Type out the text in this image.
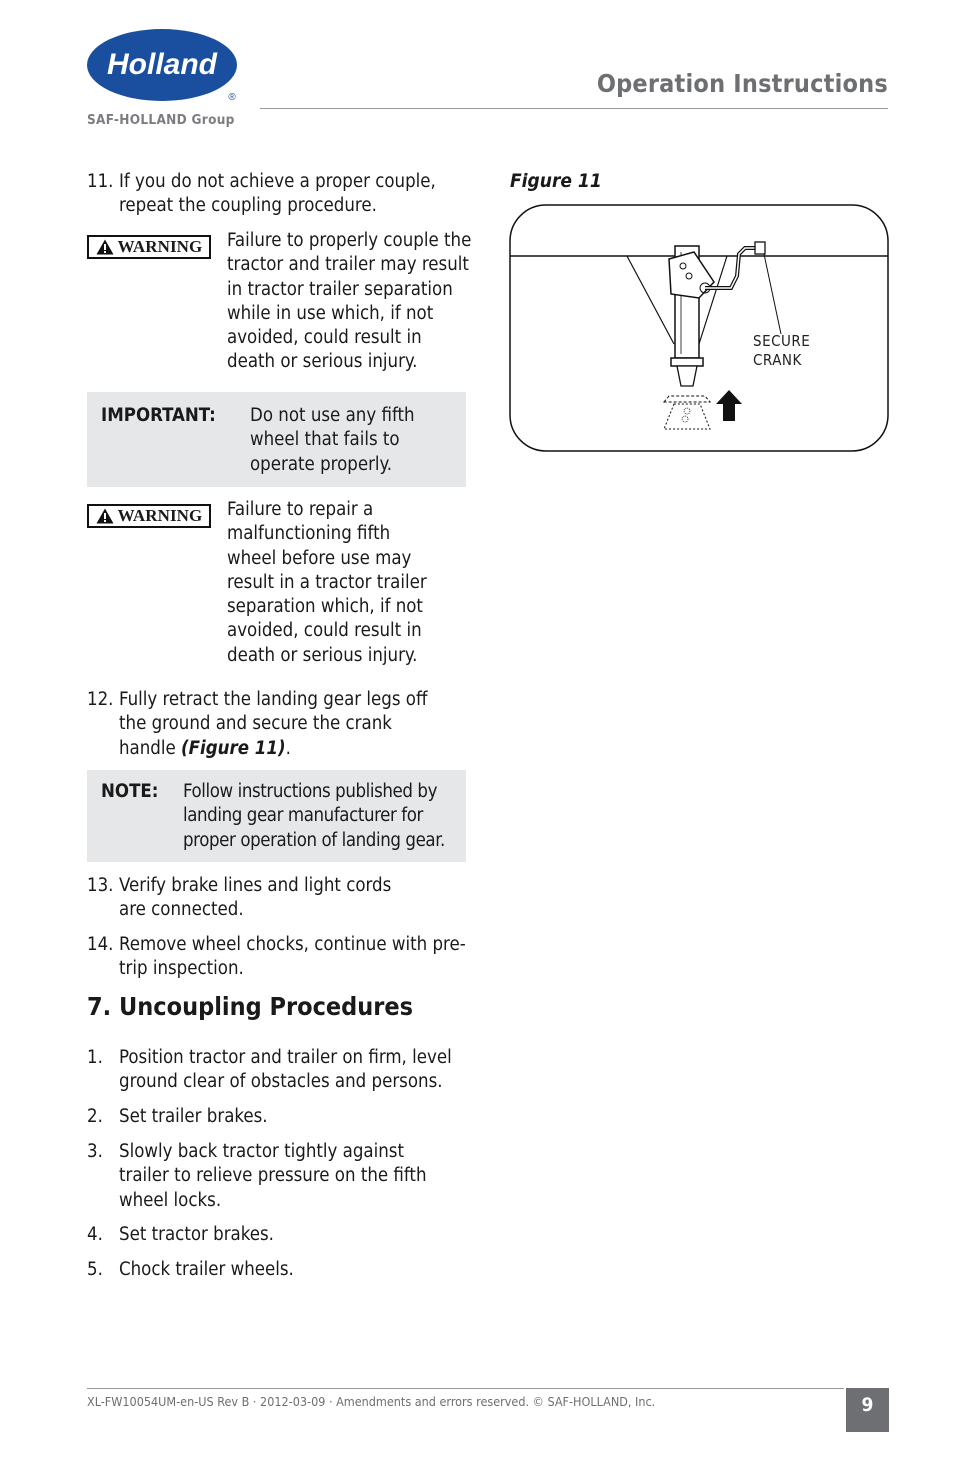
Holland
®
SAF-HOLLAND Group
Operation Instructions
11. If you do not achieve a proper couple, repeat the coupling procedure.
WARNING Failure to properly couple the tractor and trailer may result in tractor trailer separation while in use which, if not avoided, could result in death or serious injury.
IMPORTANT: Do not use any fifth wheel that fails to operate properly.
WARNING Failure to repair a malfunctioning fifth wheel before use may result in a tractor trailer separation which, if not avoided, could result in death or serious injury.
12. Fully retract the landing gear legs off the ground and secure the crank handle (Figure 11).
NOTE: Follow instructions published by landing gear manufacturer for proper operation of landing gear.
13. Verify brake lines and light cords are connected.
14. Remove wheel chocks, continue with pre-trip inspection.
7. Uncoupling Procedures
1. Position tractor and trailer on firm, level ground clear of obstacles and persons.
2. Set trailer brakes.
3. Slowly back tractor tightly against trailer to relieve pressure on the fifth wheel locks.
4. Set tractor brakes.
5. Chock trailer wheels.
Figure 11
SECURE
CRANK
XL-FW10054UM-en-US Rev B · 2012-03-09 · Amendments and errors reserved. © SAF-HOLLAND, Inc.	9
